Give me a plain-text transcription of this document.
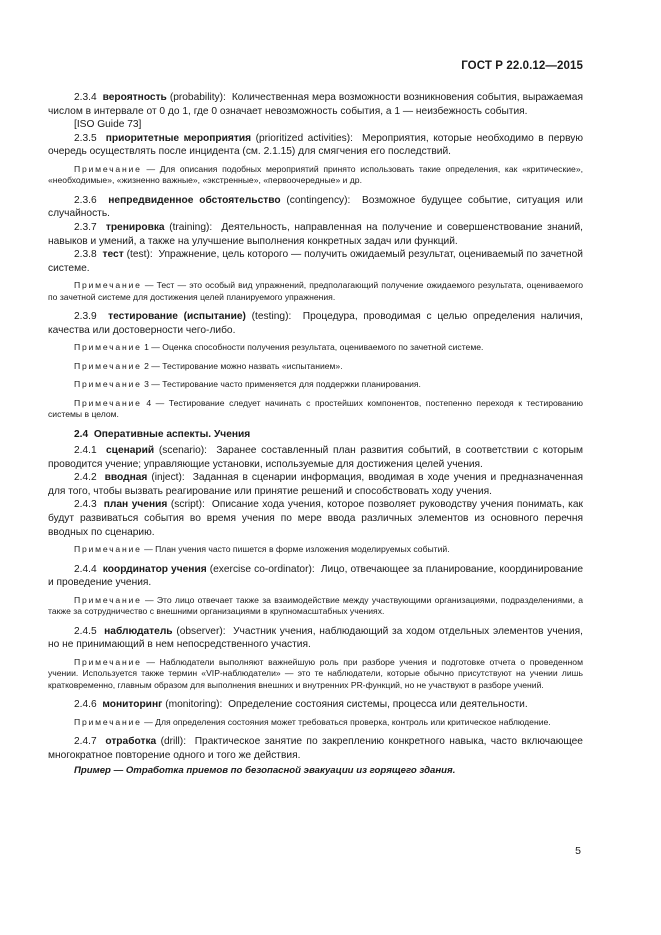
ГОСТ Р 22.0.12—2015

2.3.4 вероятность (probability): Количественная мера возможности возникновения события, выражаемая числом в интервале от 0 до 1, где 0 означает невозможность события, а 1 — неизбежность события.

[ISO Guide 73]

2.3.5 приоритетные мероприятия (prioritized activities): Мероприятия, которые необходимо в первую очередь осуществлять после инцидента (см. 2.1.15) для смягчения его последствий.

Примечание — Для описания подобных мероприятий принято использовать такие определения, как «критические», «необходимые», «жизненно важные», «экстренные», «первоочередные» и др.

2.3.6 непредвиденное обстоятельство (contingency): Возможное будущее событие, ситуация или случайность.

2.3.7 тренировка (training): Деятельность, направленная на получение и совершенствование знаний, навыков и умений, а также на улучшение выполнения конкретных задач или функций.

2.3.8 тест (test): Упражнение, цель которого — получить ожидаемый результат, оцениваемый по зачетной системе.

Примечание — Тест — это особый вид упражнений, предполагающий получение ожидаемого результата, оцениваемого по зачетной системе для достижения целей планируемого упражнения.

2.3.9 тестирование (испытание) (testing): Процедура, проводимая с целью определения наличия, качества или достоверности чего-либо.

Примечание 1 — Оценка способности получения результата, оцениваемого по зачетной системе.

Примечание 2 — Тестирование можно назвать «испытанием».

Примечание 3 — Тестирование часто применяется для поддержки планирования.

Примечание 4 — Тестирование следует начинать с простейших компонентов, постепенно переходя к тестированию системы в целом.

2.4 Оперативные аспекты. Учения

2.4.1 сценарий (scenario): Заранее составленный план развития событий, в соответствии с которым проводится учение; управляющие установки, используемые для достижения целей учения.

2.4.2 вводная (inject): Заданная в сценарии информация, вводимая в ходе учения и предназначенная для того, чтобы вызвать реагирование или принятие решений и способствовать ходу учения.

2.4.3 план учения (script): Описание хода учения, которое позволяет руководству учения понимать, как будут развиваться события во время учения по мере ввода различных элементов из основного перечня вводных по сценарию.

Примечание — План учения часто пишется в форме изложения моделируемых событий.

2.4.4 координатор учения (exercise co-ordinator): Лицо, отвечающее за планирование, координирование и проведение учения.

Примечание — Это лицо отвечает также за взаимодействие между участвующими организациями, подразделениями, а также за сотрудничество с внешними организациями в крупномасштабных учениях.

2.4.5 наблюдатель (observer): Участник учения, наблюдающий за ходом отдельных элементов учения, но не принимающий в нем непосредственного участия.

Примечание — Наблюдатели выполняют важнейшую роль при разборе учения и подготовке отчета о проведенном учении. Используется также термин «VIP-наблюдатели» — это те наблюдатели, которые обычно присутствуют на учении лишь кратковременно, главным образом для выполнения внешних и внутренних PR-функций, но не участвуют в разборе учений.

2.4.6 мониторинг (monitoring): Определение состояния системы, процесса или деятельности.

Примечание — Для определения состояния может требоваться проверка, контроль или критическое наблюдение.

2.4.7 отработка (drill): Практическое занятие по закреплению конкретного навыка, часто включающее многократное повторение одного и того же действия.

Пример — Отработка приемов по безопасной эвакуации из горящего здания.

5
